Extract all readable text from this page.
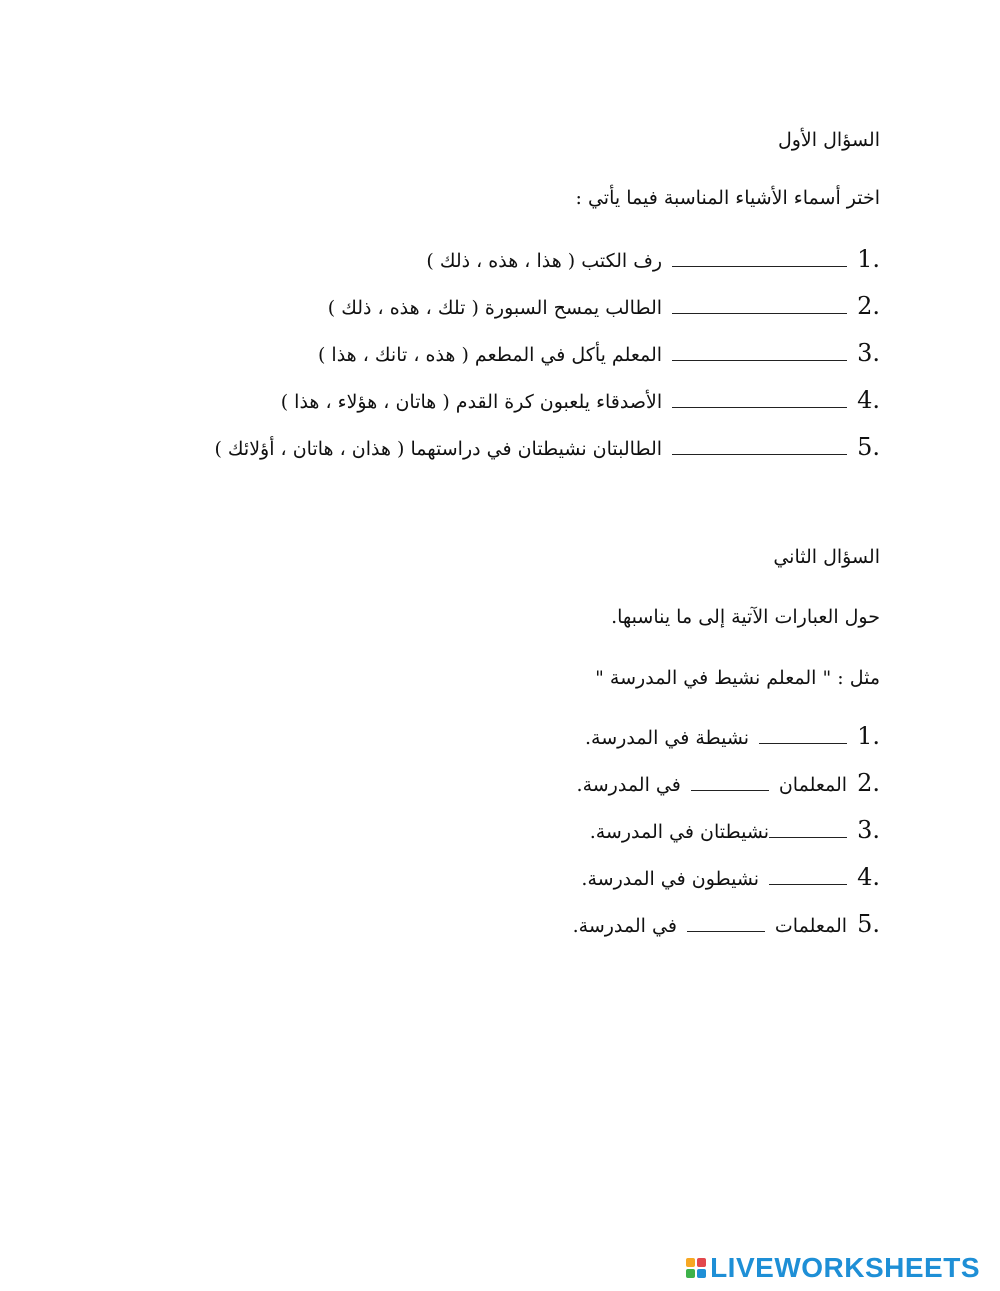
السؤال الأول
اختر أسماء الأشياء المناسبة فيما يأتي :
1.
رف الكتب ( هذا ، هذه ، ذلك )
2.
الطالب يمسح السبورة ( تلك ، هذه ، ذلك )
3.
المعلم يأكل في المطعم ( هذه ، تانك ، هذا )
4.
الأصدقاء يلعبون كرة القدم ( هاتان ، هؤلاء ، هذا )
5.
الطالبتان نشيطتان في دراستهما ( هذان ، هاتان ، أؤلائك )
السؤال الثاني
حول العبارات الآتية إلى ما يناسبها.
مثل : " المعلم نشيط في المدرسة "
1.
نشيطة في المدرسة.
2.
المعلمان
في المدرسة.
3.
نشيطتان في المدرسة.
4.
نشيطون في المدرسة.
5.
المعلمات
في المدرسة.
LIVEWORKSHEETS
